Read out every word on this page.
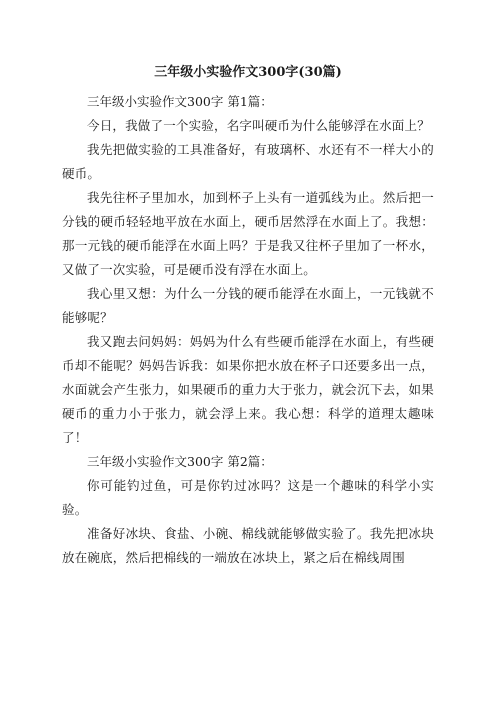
三年级小实验作文300字(30篇)

三年级小实验作文300字 第1篇：

今日，我做了一个实验，名字叫硬币为什么能够浮在水面上？

我先把做实验的工具准备好，有玻璃杯、水还有不一样大小的硬币。

我先往杯子里加水，加到杯子上头有一道弧线为止。然后把一分钱的硬币轻轻地平放在水面上，硬币居然浮在水面上了。我想：那一元钱的硬币能浮在水面上吗？于是我又往杯子里加了一杯水，又做了一次实验，可是硬币没有浮在水面上。

我心里又想：为什么一分钱的硬币能浮在水面上，一元钱就不能够呢？

我又跑去问妈妈：妈妈为什么有些硬币能浮在水面上，有些硬币却不能呢？妈妈告诉我：如果你把水放在杯子口还要多出一点，水面就会产生张力，如果硬币的重力大于张力，就会沉下去，如果硬币的重力小于张力，就会浮上来。我心想：科学的道理太趣味了！

三年级小实验作文300字 第2篇：

你可能钓过鱼，可是你钓过冰吗？这是一个趣味的科学小实验。

准备好冰块、食盐、小碗、棉线就能够做实验了。我先把冰块放在碗底，然后把棉线的一端放在冰块上，紧之后在棉线周围
